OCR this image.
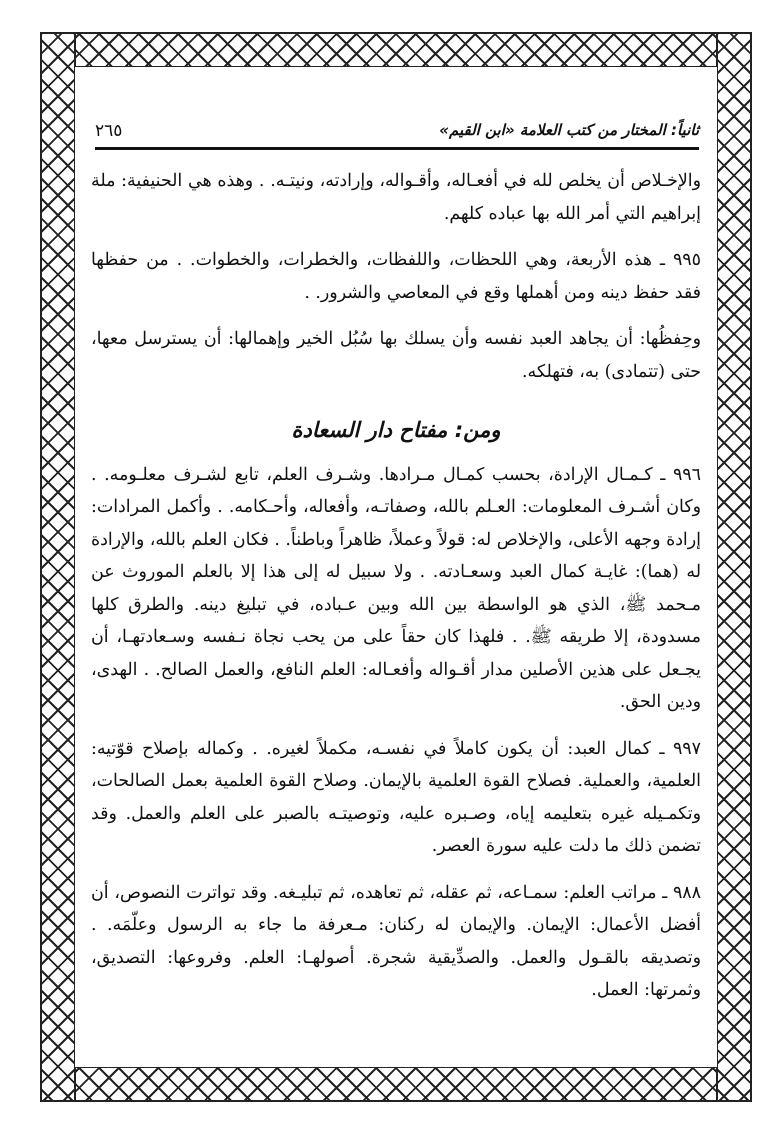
ثانياً: المختار من كتب العلامة «ابن القيم»
٢٦٥

والإخـلاص أن يخلص لله في أفعـاله، وأقـواله، وإرادته، ونيتـه. . وهذه هي الحنيفية: ملة إبراهيم التي أمر الله بها عباده كلهم.

٩٩٥ ـ هذه الأربعة، وهي اللحظات، واللفظات، والخطرات، والخطوات. . من حفظها فقد حفظ دينه ومن أهملها وقع في المعاصي والشرور. .

وحِفظُها: أن يجاهد العبد نفسه وأن يسلك بها سُبُل الخير وإهمالها: أن يسترسل معها، حتى (تتمادى) به، فتهلكه.

ومن: مفتاح دار السعادة

٩٩٦ ـ كـمـال الإرادة، بحسب كمـال مـرادها. وشـرف العلم، تابع لشـرف معلـومه. . وكان أشـرف المعلومات: العـلم بالله، وصفاتـه، وأفعاله، وأحـكامه. . وأكمل المرادات: إرادة وجهه الأعلى، والإخلاص له: قولاً وعملاً، ظاهراً وباطناً. . فكان العلم بالله، والإرادة له (هما): غايـة كمال العبد وسعـادته. . ولا سبيل له إلى هذا إلا بالعلم الموروث عن مـحمد ﷺ، الذي هو الواسطة بين الله وبين عـباده، في تبليغ دينه. والطرق كلها مسدودة، إلا طريقه ﷺ. . فلهذا كان حقاً على من يحب نجاة نـفسه وسـعادتهـا، أن يجـعل على هذين الأصلين مدار أقـواله وأفعـاله: العلم النافع، والعمل الصالح. . الهدى، ودين الحق.

٩٩٧ ـ كمال العبد: أن يكون كاملاً في نفسـه، مكملاً لغيره. . وكماله بإصلاح قوّتيه: العلمية، والعملية. فصلاح القوة العلمية بالإيمان. وصلاح القوة العلمية بعمل الصالحات، وتكمـيله غيره بتعليمه إياه، وصـبره عليه، وتوصيتـه بالصبر على العلم والعمل. وقد تضمن ذلك ما دلت عليه سورة العصر.

٩٨٨ ـ مراتب العلم: سمـاعه، ثم عقله، ثم تعاهده، ثم تبليـغه. وقد تواترت النصوص، أن أفضل الأعمال: الإيمان. والإيمان له ركنان: مـعرفة ما جاء به الرسول وعلّمَه. . وتصديقه بالقـول والعمل. والصدِّيقية شجرة. أصولهـا: العلم. وفروعها: التصديق، وثمرتها: العمل.
